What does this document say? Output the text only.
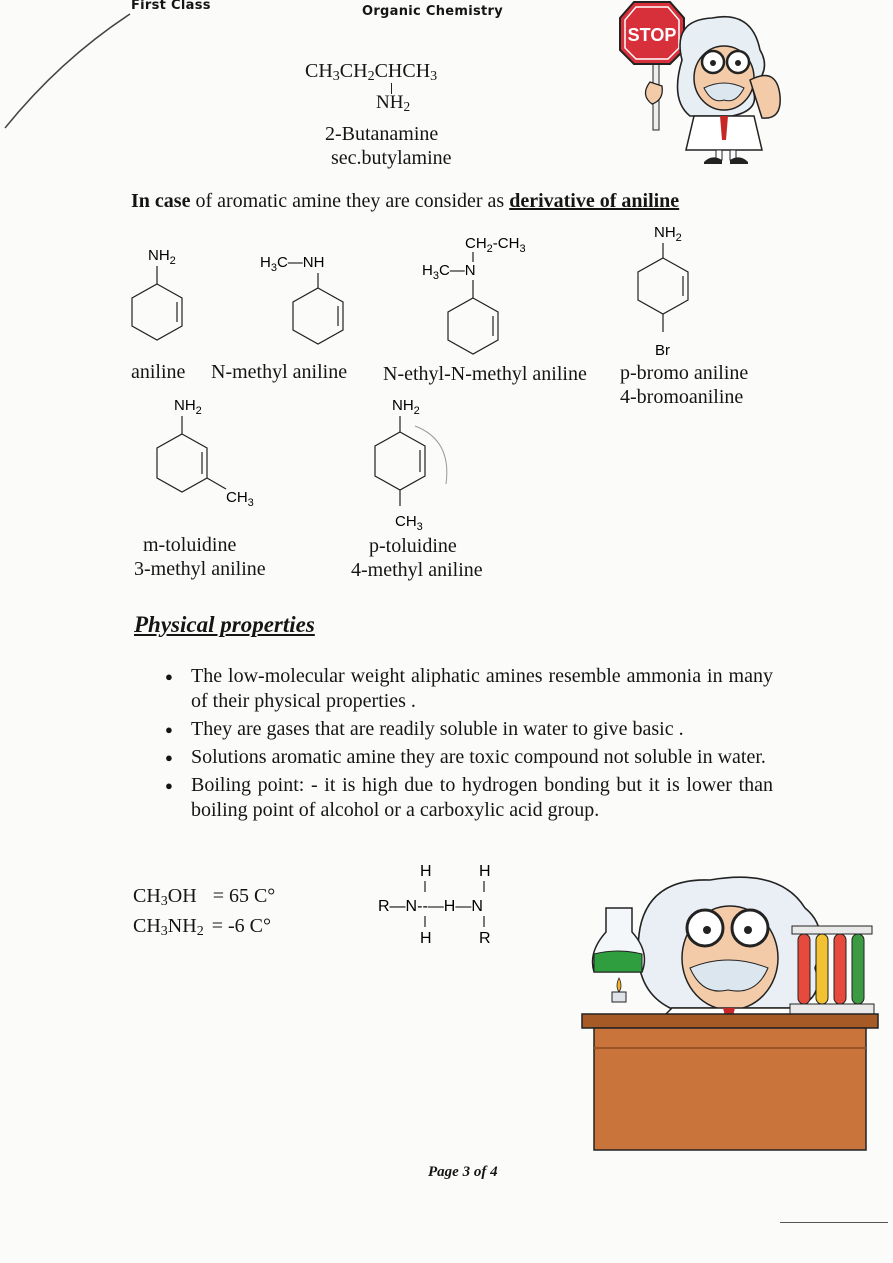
First Class	Organic Chemistry
$CH_3CH_2CHCH_3$
$NH_2$
2-Butanamine
sec.butylamine
STOP
In case of aromatic amine they are consider as derivative of aniline
$NH_2$	$H_3C—NH$
$CH_2-CH_3$
$H_3C—N$
$NH_2$
Br
aniline N-methyl aniline N-ethyl-N-methyl aniline p-bromo aniline
4-bromoaniline
$NH_2$
$CH_3$
$NH_2$
$CH_3$
m-toluidine
3-methyl aniline
p-toluidine
4-methyl aniline
Physical properties
● The low-molecular weight aliphatic amines resemble ammonia in many of their physical properties .
● They are gases that are readily soluble in water to give basic .
● Solutions aromatic amine they are toxic compound not soluble in water.
● Boiling point: - it is high due to hydrogen bonding but it is lower than boiling point of alcohol or a carboxylic acid group.
$CH_3OH = 65$ C°
$CH_3NH_2 = -6$ C°
H
R—N--—H—N
H
H
R
Page 3 of 4
